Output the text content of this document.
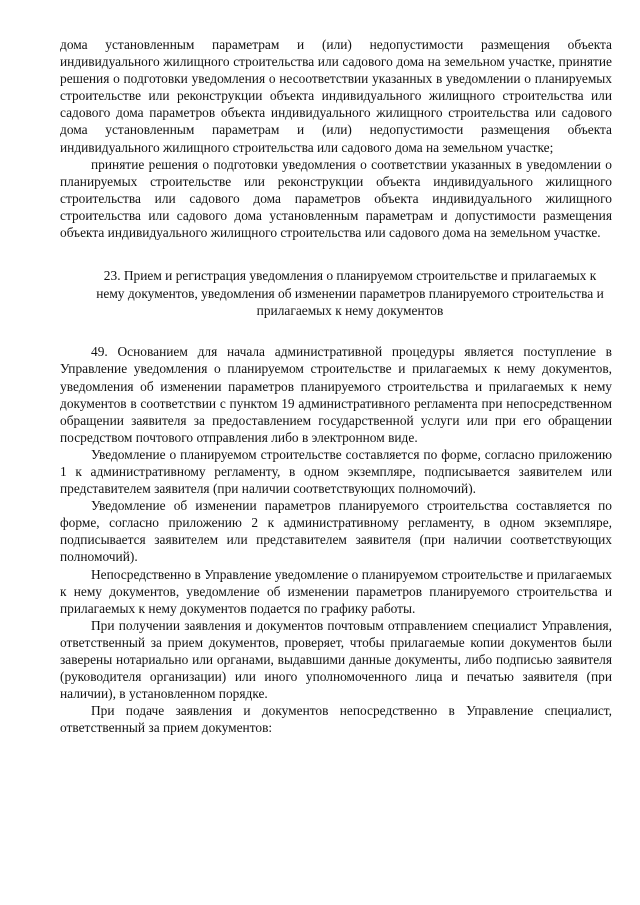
дома установленным параметрам и (или) недопустимости размещения объекта индивидуального жилищного строительства или садового дома на земельном участке, принятие решения о подготовки уведомления о несоответствии указанных в уведомлении о планируемых строительстве или реконструкции объекта индивидуального жилищного строительства или садового дома параметров объекта индивидуального жилищного строительства или садового дома установленным параметрам и (или) недопустимости размещения объекта индивидуального жилищного строительства или садового дома на земельном участке;

принятие решения о подготовки уведомления о соответствии указанных в уведомлении о планируемых строительстве или реконструкции объекта индивидуального жилищного строительства или садового дома параметров объекта индивидуального жилищного строительства или садового дома установленным параметрам и допустимости размещения объекта индивидуального жилищного строительства или садового дома на земельном участке.

23. Прием и регистрация уведомления о планируемом строительстве и прилагаемых к нему документов, уведомления об изменении параметров планируемого строительства и прилагаемых к нему документов

49. Основанием для начала административной процедуры является поступление в Управление уведомления о планируемом строительстве и прилагаемых к нему документов, уведомления об изменении параметров планируемого строительства и прилагаемых к нему документов в соответствии с пунктом 19 административного регламента при непосредственном обращении заявителя за предоставлением государственной услуги или при его обращении посредством почтового отправления либо в электронном виде.

Уведомление о планируемом строительстве составляется по форме, согласно приложению 1 к административному регламенту, в одном экземпляре, подписывается заявителем или представителем заявителя (при наличии соответствующих полномочий).

Уведомление об изменении параметров планируемого строительства составляется по форме, согласно приложению 2 к административному регламенту, в одном экземпляре, подписывается заявителем или представителем заявителя (при наличии соответствующих полномочий).

Непосредственно в Управление уведомление о планируемом строительстве и прилагаемых к нему документов, уведомление об изменении параметров планируемого строительства и прилагаемых к нему документов подается по графику работы.

При получении заявления и документов почтовым отправлением специалист Управления, ответственный за прием документов, проверяет, чтобы прилагаемые копии документов были заверены нотариально или органами, выдавшими данные документы, либо подписью заявителя (руководителя организации) или иного уполномоченного лица и печатью заявителя (при наличии), в установленном порядке.

При подаче заявления и документов непосредственно в Управление специалист, ответственный за прием документов:
